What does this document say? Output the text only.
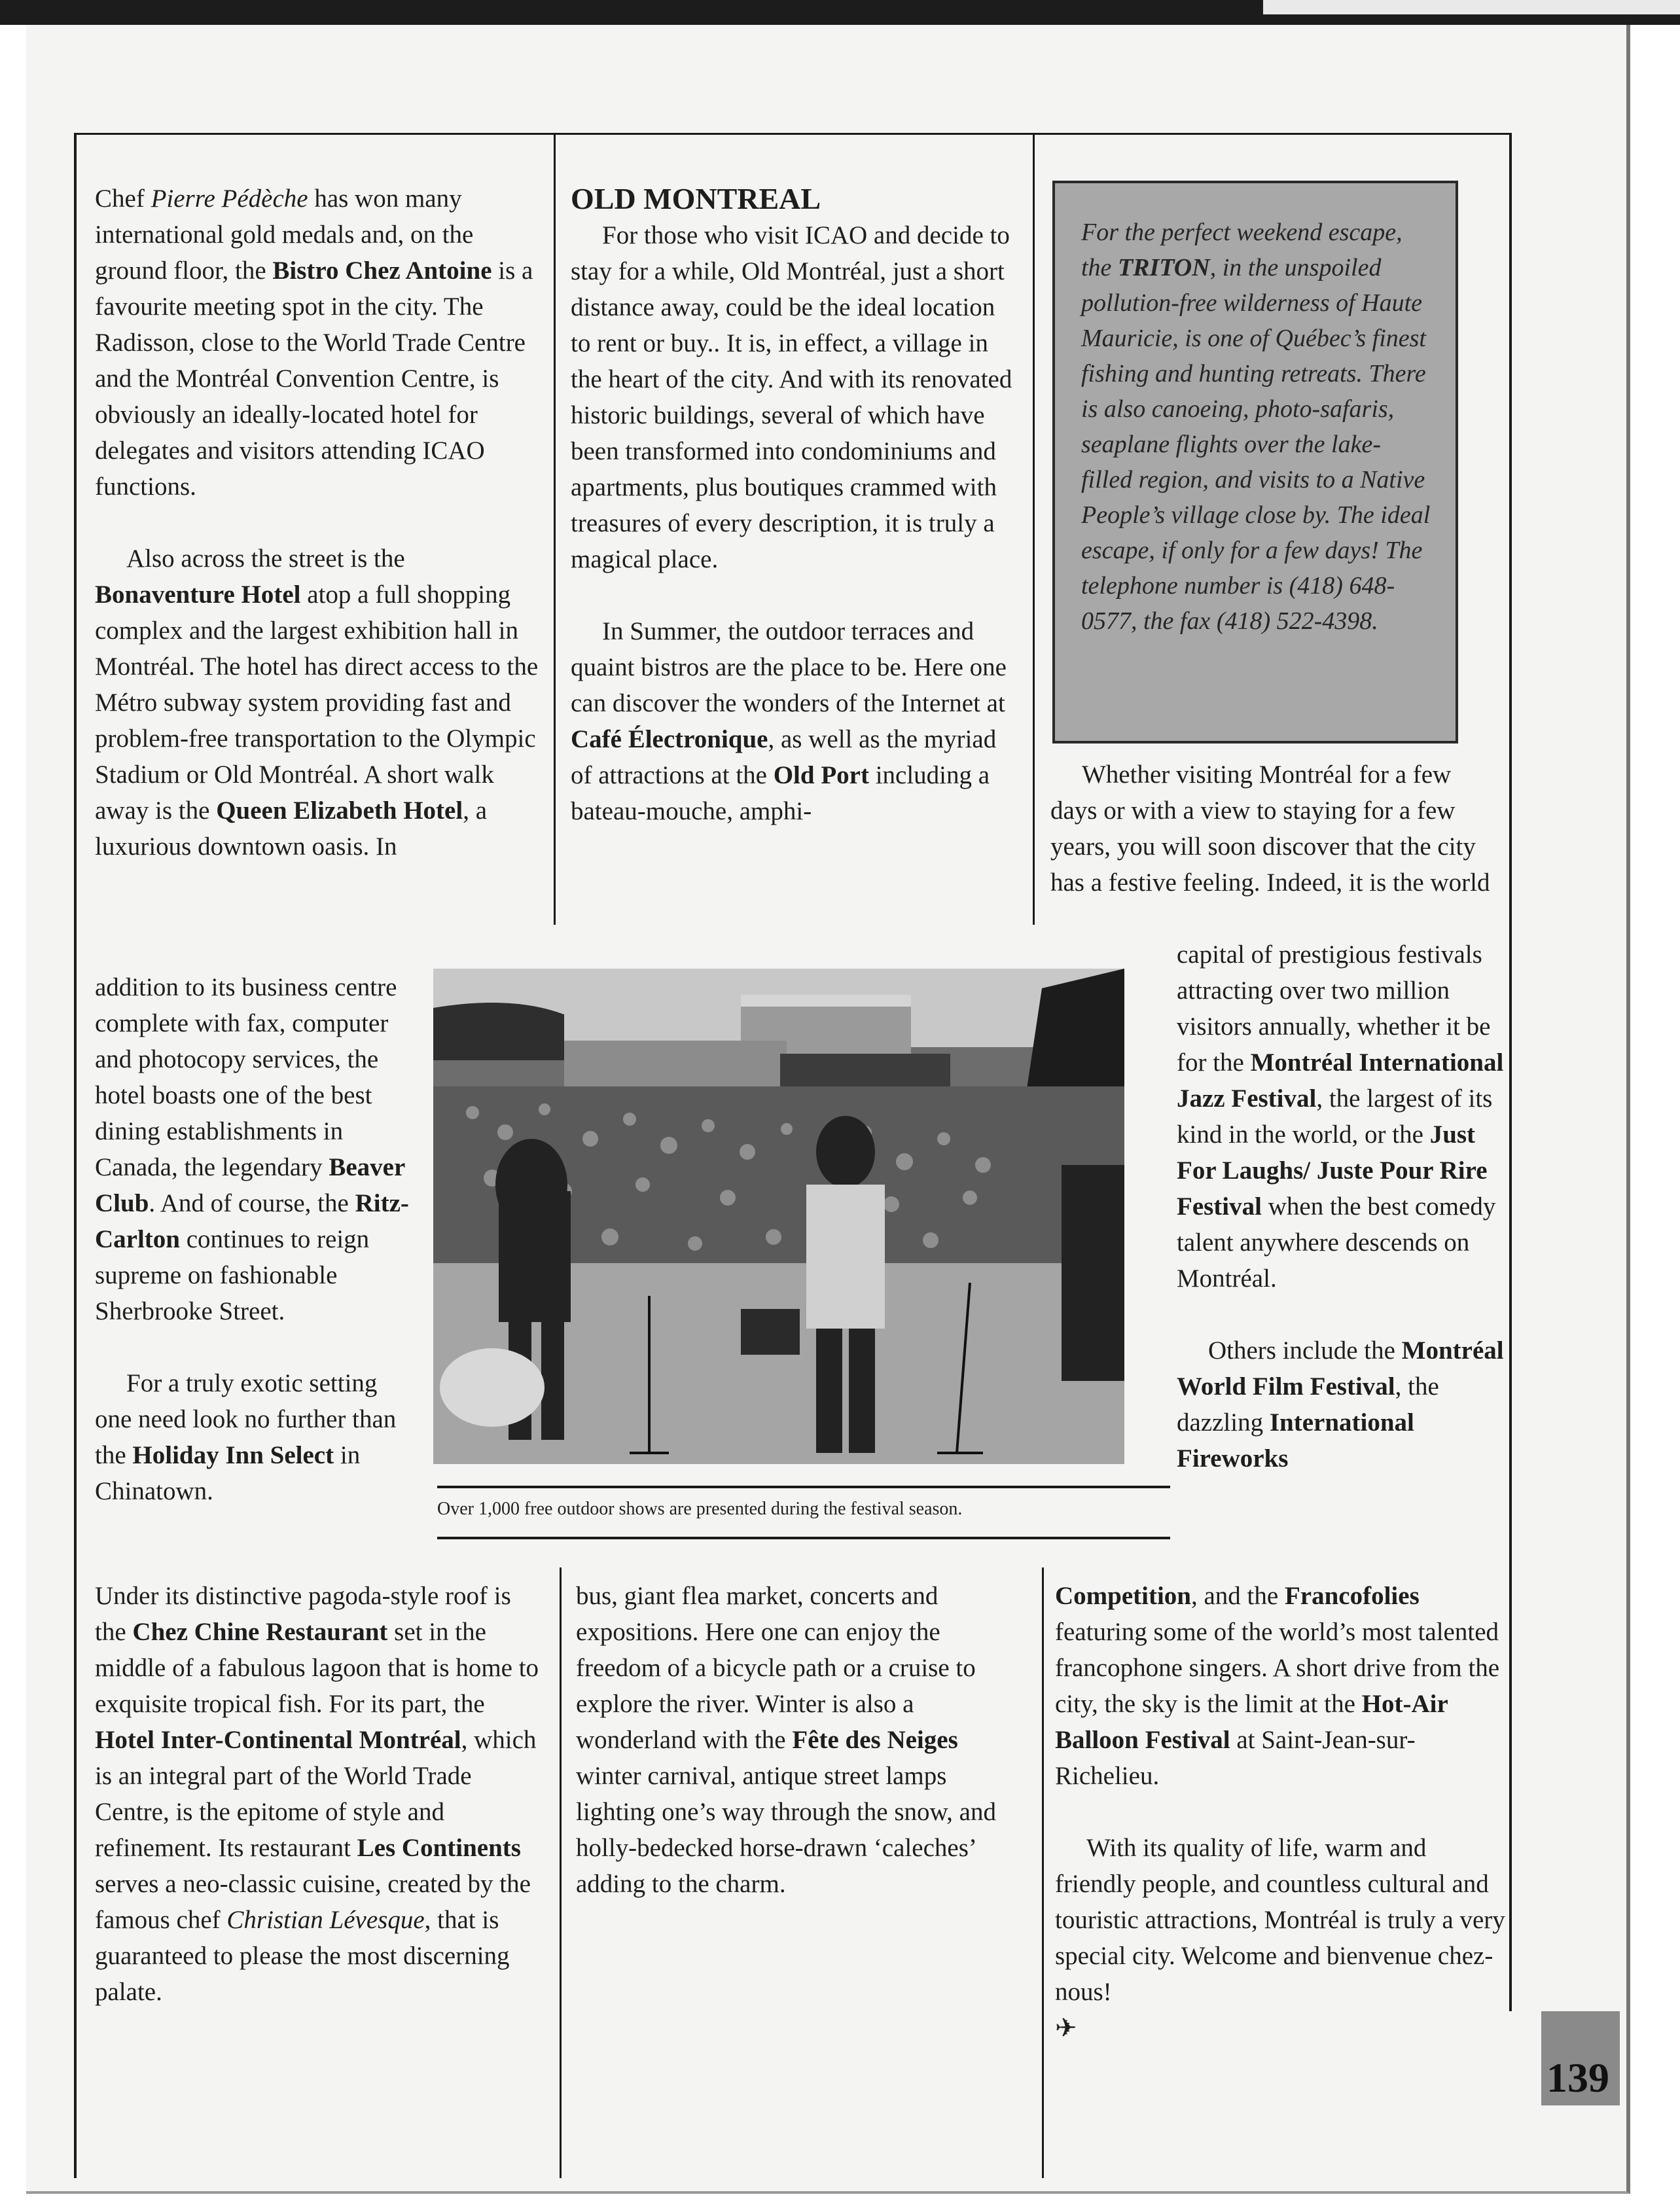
Chef Pierre Pédèche has won many international gold medals and, on the ground floor, the Bistro Chez Antoine is a favourite meeting spot in the city. The Radisson, close to the World Trade Centre and the Montréal Convention Centre, is obviously an ideally-located hotel for delegates and visitors attending ICAO functions.

Also across the street is the Bonaventure Hotel atop a full shopping complex and the largest exhibition hall in Montréal. The hotel has direct access to the Métro subway system providing fast and problem-free transportation to the Olympic Stadium or Old Montréal. A short walk away is the Queen Elizabeth Hotel, a luxurious downtown oasis. In

addition to its business centre complete with fax, computer and photocopy services, the hotel boasts one of the best dining establishments in Canada, the legendary Beaver Club. And of course, the Ritz-Carlton continues to reign supreme on fashionable Sherbrooke Street.

For a truly exotic setting one need look no further than the Holiday Inn Select in Chinatown.

Under its distinctive pagoda-style roof is the Chez Chine Restaurant set in the middle of a fabulous lagoon that is home to exquisite tropical fish. For its part, the Hotel Inter-Continental Montréal, which is an integral part of the World Trade Centre, is the epitome of style and refinement. Its restaurant Les Continents serves a neo-classic cuisine, created by the famous chef Christian Lévesque, that is guaranteed to please the most discerning palate.

OLD MONTREAL

For those who visit ICAO and decide to stay for a while, Old Montréal, just a short distance away, could be the ideal location to rent or buy.. It is, in effect, a village in the heart of the city. And with its renovated historic buildings, several of which have been transformed into condominiums and apartments, plus boutiques crammed with treasures of every description, it is truly a magical place.

In Summer, the outdoor terraces and quaint bistros are the place to be. Here one can discover the wonders of the Internet at Café Électronique, as well as the myriad of attractions at the Old Port including a bateau-mouche, amphi-

bus, giant flea market, concerts and expositions. Here one can enjoy the freedom of a bicycle path or a cruise to explore the river. Winter is also a wonderland with the Fête des Neiges winter carnival, antique street lamps lighting one’s way through the snow, and holly-bedecked horse-drawn ‘caleches’ adding to the charm.

For the perfect weekend escape, the TRITON, in the unspoiled pollution-free wilderness of Haute Mauricie, is one of Québec’s finest fishing and hunting retreats. There is also canoeing, photo-safaris, seaplane flights over the lake-filled region, and visits to a Native People’s village close by. The ideal escape, if only for a few days! The telephone number is (418) 648-0577, the fax (418) 522-4398.

Whether visiting Montréal for a few days or with a view to staying for a few years, you will soon discover that the city has a festive feeling. Indeed, it is the world

capital of prestigious festivals attracting over two million visitors annually, whether it be for the Montréal International Jazz Festival, the largest of its kind in the world, or the Just For Laughs/ Juste Pour Rire Festival when the best comedy talent anywhere descends on Montréal.

Others include the Montréal World Film Festival, the dazzling International Fireworks

Competition, and the Francofolies featuring some of the world’s most talented francophone singers. A short drive from the city, the sky is the limit at the Hot-Air Balloon Festival at Saint-Jean-sur-Richelieu.

With its quality of life, warm and friendly people, and countless cultural and touristic attractions, Montréal is truly a very special city. Welcome and bienvenue chez-nous!

✈
Over 1,000 free outdoor shows are presented during the festival season.
139
